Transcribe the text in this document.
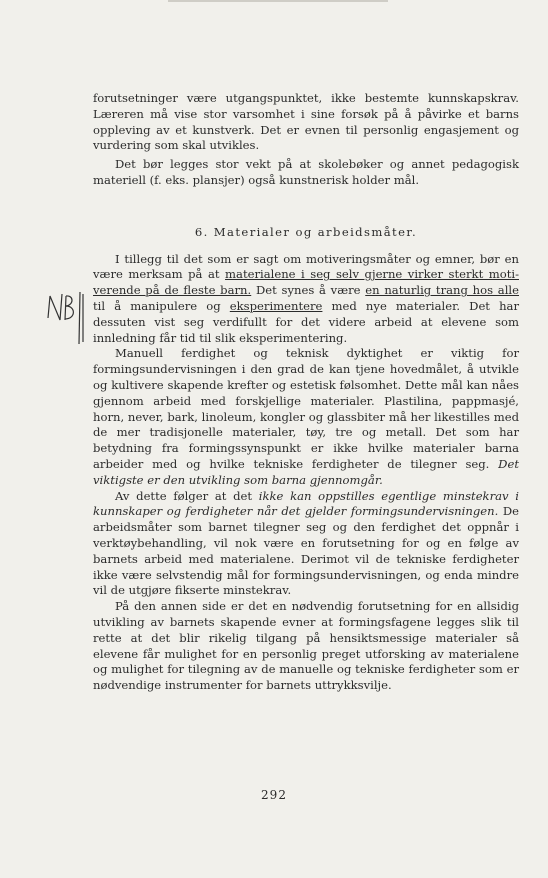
forutsetninger være utgangspunktet, ikke bestemte kunnskapskrav. Læreren må vise stor varsomhet i sine forsøk på å påvirke et barns oppleving av et kunstverk. Det er evnen til personlig engasjement og vurdering som skal utvikles.

Det bør legges stor vekt på at skolebøker og annet pedagogisk materiell (f. eks. plansjer) også kunstnerisk holder mål.

6. Materialer og arbeidsmåter.

I tillegg til det som er sagt om motiveringsmåter og emner, bør en være merksam på at materialene i seg selv gjerne virker sterkt moti-verende på de fleste barn. Det synes å være en naturlig trang hos alle til å manipulere og eksperimentere med nye materialer. Det har dessuten vist seg verdifullt for det videre arbeid at elevene som innledning får tid til slik eksperimentering.

Manuell ferdighet og teknisk dyktighet er viktig for formingsundervisningen i den grad de kan tjene hovedmålet, å utvikle og kultivere skapende krefter og estetisk følsomhet. Dette mål kan nåes gjennom arbeid med forskjellige materialer. Plastilina, pappmasjé, horn, never, bark, linoleum, kongler og glassbiter må her likestilles med de mer tradisjonelle materialer, tøy, tre og metall. Det som har betydning fra formingssynspunkt er ikke hvilke materialer barna arbeider med og hvilke tekniske ferdigheter de tilegner seg. Det viktigste er den utvikling som barna gjennomgår.

Av dette følger at det ikke kan oppstilles egentlige minstekrav i kunnskaper og ferdigheter når det gjelder formingsundervisningen. De arbeidsmåter som barnet tilegner seg og den ferdighet det oppnår i verktøybehandling, vil nok være en forutsetning for og en følge av barnets arbeid med materialene. Derimot vil de tekniske ferdigheter ikke være selvstendig mål for formingsundervisningen, og enda mindre vil de utgjøre fikserte minstekrav.

På den annen side er det en nødvendig forutsetning for en allsidig utvikling av barnets skapende evner at formingsfagene legges slik til rette at det blir rikelig tilgang på hensiktsmessige materialer så elevene får mulighet for en personlig preget utforsking av materialene og mulighet for tilegning av de manuelle og tekniske ferdigheter som er nødvendige instrumenter for barnets uttrykksvilje.

292
